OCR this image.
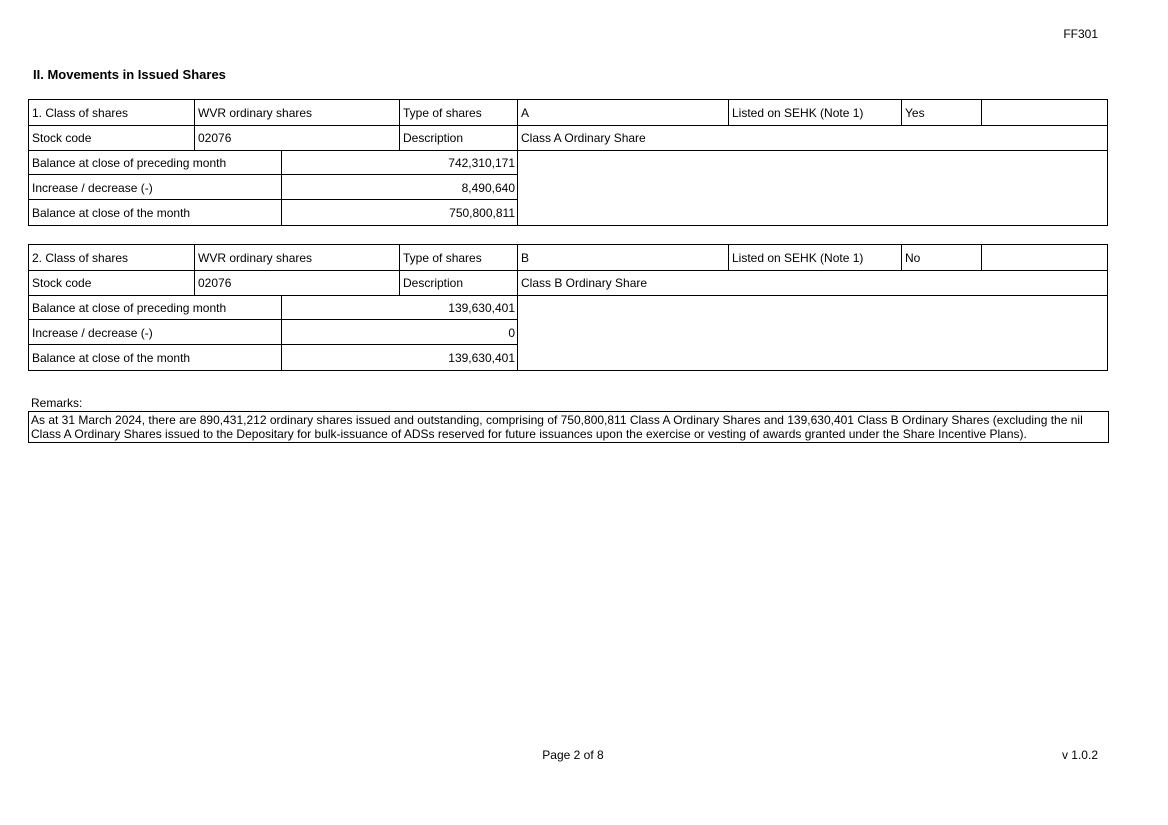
FF301
II. Movements in Issued Shares
1. Class of shares	WVR ordinary shares	Type of shares	A	Listed on SEHK (Note 1)	Yes
Stock code	02076	Description	Class A Ordinary Share
Balance at close of preceding month	742,310,171
Increase / decrease (-)	8,490,640
Balance at close of the month	750,800,811
2. Class of shares	WVR ordinary shares	Type of shares	B	Listed on SEHK (Note 1)	No
Stock code	02076	Description	Class B Ordinary Share
Balance at close of preceding month	139,630,401
Increase / decrease (-)	0
Balance at close of the month	139,630,401
Remarks:
As at 31 March 2024, there are 890,431,212 ordinary shares issued and outstanding, comprising of 750,800,811 Class A Ordinary Shares and 139,630,401 Class B Ordinary Shares (excluding the nil Class A Ordinary Shares issued to the Depositary for bulk-issuance of ADSs reserved for future issuances upon the exercise or vesting of awards granted under the Share Incentive Plans).
Page 2 of 8	v 1.0.2
